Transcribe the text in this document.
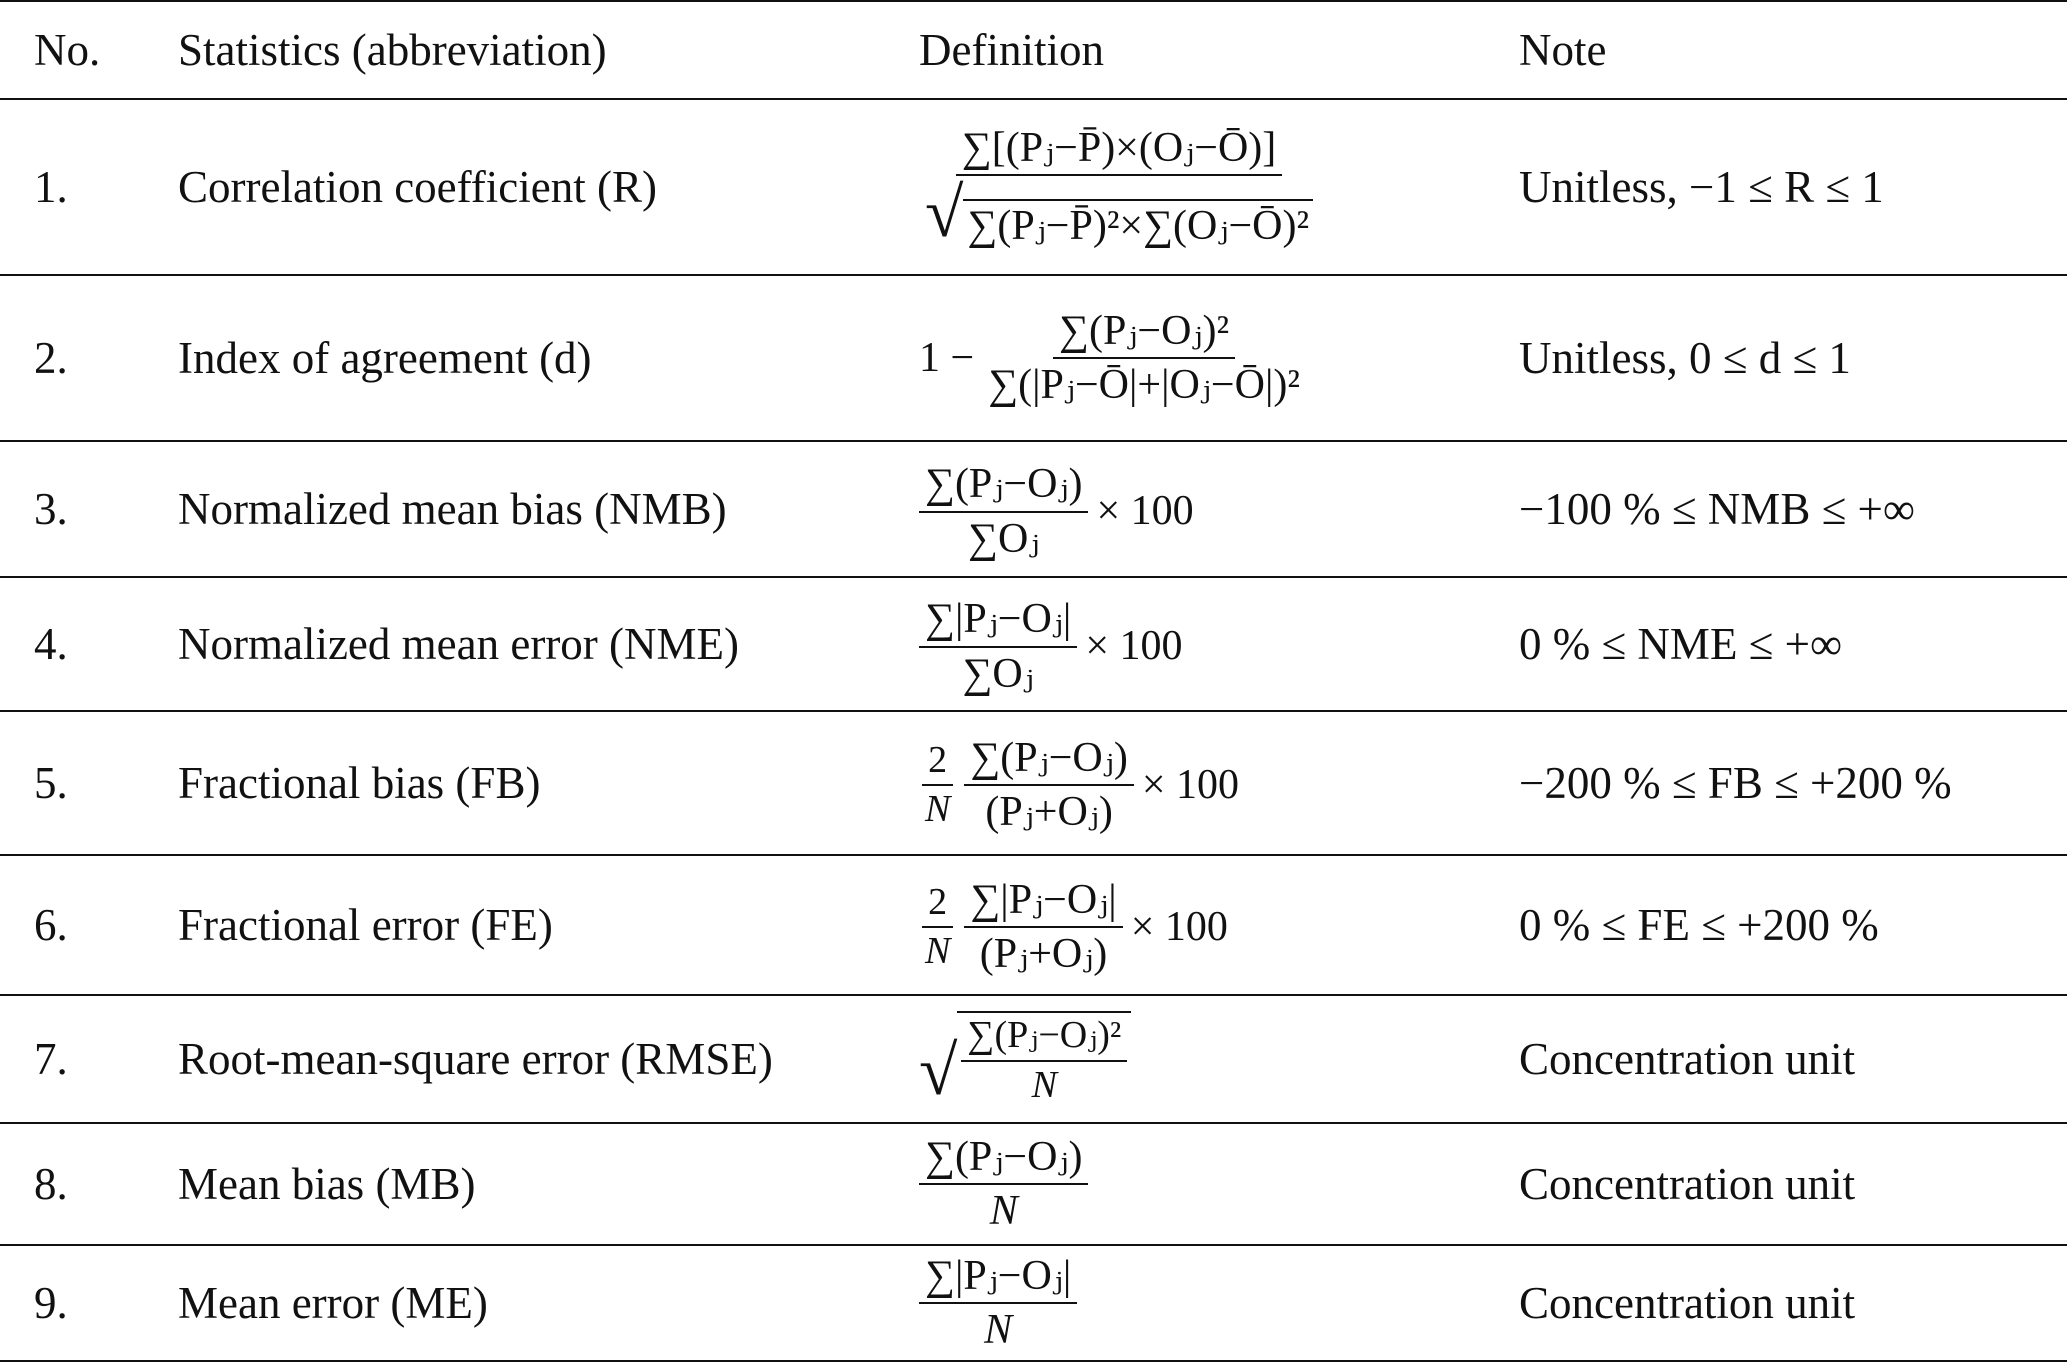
No.	Statistics (abbreviation)	Definition	Note
1.	Correlation coefficient (R)	$\frac{\text{∑[(Pⱼ−P̄)×(Oⱼ−Ō)]}}{\text{√ ∑(Pⱼ−P̄)²×∑(Oⱼ−Ō)²}}$	Unitless, −1 ≤ R ≤ 1
2.	Index of agreement (d)	$1 - \frac{\text{∑(Pⱼ−Oⱼ)²}}{\text{∑(|Pⱼ−Ō|+|Oⱼ−Ō|)²}}$	Unitless, 0 ≤ d ≤ 1
3.	Normalized mean bias (NMB)	$\frac{\text{∑(Pⱼ−Oⱼ)}}{\text{∑Oⱼ}} \times 100$	−100 % ≤ NMB ≤ +∞
4.	Normalized mean error (NME)	$\frac{\text{∑|Pⱼ−Oⱼ|}}{\text{∑Oⱼ}} \times 100$	0 % ≤ NME ≤ +∞
5.	Fractional bias (FB)	$\frac{2}{N} \frac{\text{∑(Pⱼ−Oⱼ)}}{\text{(Pⱼ+Oⱼ)}} \times 100$	−200 % ≤ FB ≤ +200 %
6.	Fractional error (FE)	$\frac{2}{N} \frac{\text{∑|Pⱼ−Oⱼ|}}{\text{(Pⱼ+Oⱼ)}} \times 100$	0 % ≤ FE ≤ +200 %
7.	Root-mean-square error (RMSE)	√ $\frac{\text{∑(Pⱼ−Oⱼ)²}}{N}$	Concentration unit
8.	Mean bias (MB)	$\frac{\text{∑(Pⱼ−Oⱼ)}}{N}$	Concentration unit
9.	Mean error (ME)	$\frac{\text{∑|Pⱼ−Oⱼ|}}{N}$	Concentration unit
